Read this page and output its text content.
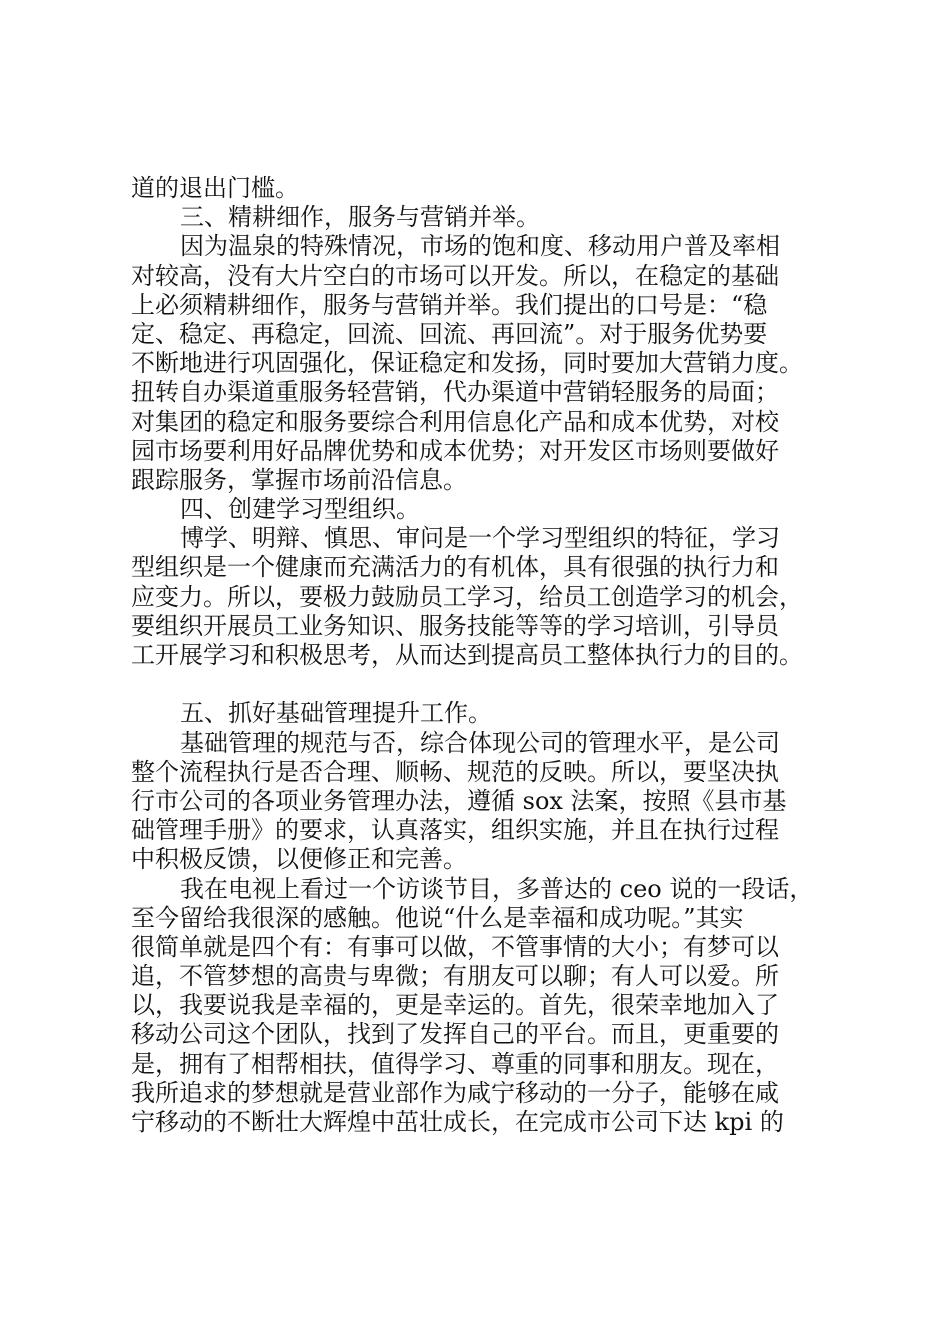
道的退出门槛。
三、精耕细作，服务与营销并举。
因为温泉的特殊情况，市场的饱和度、移动用户普及率相
对较高，没有大片空白的市场可以开发。所以，在稳定的基础
上必须精耕细作，服务与营销并举。我们提出的口号是：“稳
定、稳定、再稳定，回流、回流、再回流”。对于服务优势要
不断地进行巩固强化，保证稳定和发扬，同时要加大营销力度。
扭转自办渠道重服务轻营销，代办渠道中营销轻服务的局面；
对集团的稳定和服务要综合利用信息化产品和成本优势，对校
园市场要利用好品牌优势和成本优势；对开发区市场则要做好
跟踪服务，掌握市场前沿信息。
四、创建学习型组织。
博学、明辩、慎思、审问是一个学习型组织的特征，学习
型组织是一个健康而充满活力的有机体，具有很强的执行力和
应变力。所以，要极力鼓励员工学习，给员工创造学习的机会，
要组织开展员工业务知识、服务技能等等的学习培训，引导员
工开展学习和积极思考，从而达到提高员工整体执行力的目的。
五、抓好基础管理提升工作。
基础管理的规范与否，综合体现公司的管理水平，是公司
整个流程执行是否合理、顺畅、规范的反映。所以，要坚决执
行市公司的各项业务管理办法，遵循 sox 法案，按照《县市基
础管理手册》的要求，认真落实，组织实施，并且在执行过程
中积极反馈，以便修正和完善。
我在电视上看过一个访谈节目，多普达的 ceo 说的一段话，
至今留给我很深的感触。他说“什么是幸福和成功呢。”其实
很简单就是四个有：有事可以做，不管事情的大小；有梦可以
追，不管梦想的高贵与卑微；有朋友可以聊；有人可以爱。所
以，我要说我是幸福的，更是幸运的。首先，很荣幸地加入了
移动公司这个团队，找到了发挥自己的平台。而且，更重要的
是，拥有了相帮相扶，值得学习、尊重的同事和朋友。现在，
我所追求的梦想就是营业部作为咸宁移动的一分子，能够在咸
宁移动的不断壮大辉煌中茁壮成长，在完成市公司下达 kpi 的
